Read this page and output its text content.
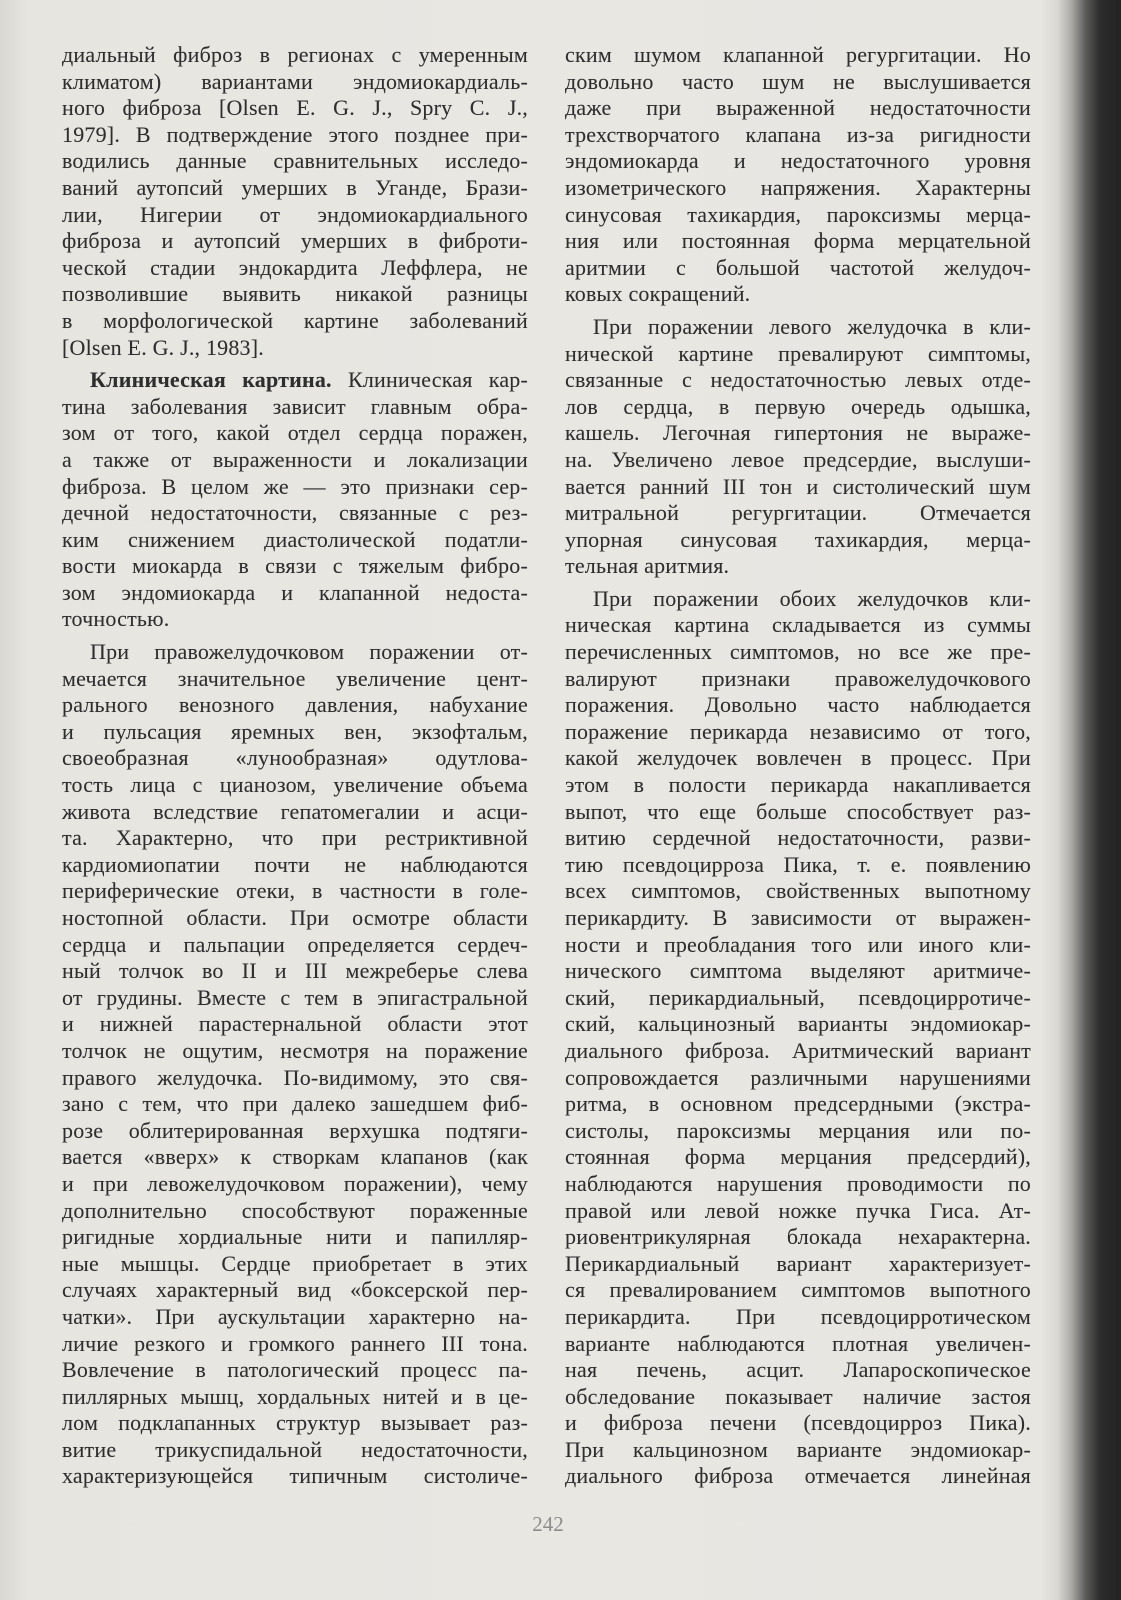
диальный фиброз в регионах с умеренным
климатом) вариантами эндомиокардиаль-
ного фиброза [Olsen E. G. J., Spry C. J.,
1979]. В подтверждение этого позднее при-
водились данные сравнительных исследо-
ваний аутопсий умерших в Уганде, Брази-
лии, Нигерии от эндомиокардиального
фиброза и аутопсий умерших в фиброти-
ческой стадии эндокардита Леффлера, не
позволившие выявить никакой разницы
в морфологической картине заболеваний
[Olsen E. G. J., 1983].
Клиническая картина. Клиническая кар-
тина заболевания зависит главным обра-
зом от того, какой отдел сердца поражен,
а также от выраженности и локализации
фиброза. В целом же — это признаки сер-
дечной недостаточности, связанные с рез-
ким снижением диастолической податли-
вости миокарда в связи с тяжелым фибро-
зом эндомиокарда и клапанной недоста-
точностью.
При правожелудочковом поражении от-
мечается значительное увеличение цент-
рального венозного давления, набухание
и пульсация яремных вен, экзофтальм,
своеобразная «лунообразная» одутлова-
тость лица с цианозом, увеличение объема
живота вследствие гепатомегалии и асци-
та. Характерно, что при рестриктивной
кардиомиопатии почти не наблюдаются
периферические отеки, в частности в голе-
ностопной области. При осмотре области
сердца и пальпации определяется сердеч-
ный толчок во II и III межреберье слева
от грудины. Вместе с тем в эпигастральной
и нижней парастернальной области этот
толчок не ощутим, несмотря на поражение
правого желудочка. По-видимому, это свя-
зано с тем, что при далеко зашедшем фиб-
розе облитерированная верхушка подтяги-
вается «вверх» к створкам клапанов (как
и при левожелудочковом поражении), чему
дополнительно способствуют пораженные
ригидные хордиальные нити и папилляр-
ные мышцы. Сердце приобретает в этих
случаях характерный вид «боксерской пер-
чатки». При аускультации характерно на-
личие резкого и громкого раннего III тона.
Вовлечение в патологический процесс па-
пиллярных мышц, хордальных нитей и в це-
лом подклапанных структур вызывает раз-
витие трикуспидальной недостаточности,
характеризующейся типичным систоличе-
ским шумом клапанной регургитации. Но
довольно часто шум не выслушивается
даже при выраженной недостаточности
трехстворчатого клапана из-за ригидности
эндомиокарда и недостаточного уровня
изометрического напряжения. Характерны
синусовая тахикардия, пароксизмы мерца-
ния или постоянная форма мерцательной
аритмии с большой частотой желудоч-
ковых сокращений.
При поражении левого желудочка в кли-
нической картине превалируют симптомы,
связанные с недостаточностью левых отде-
лов сердца, в первую очередь одышка,
кашель. Легочная гипертония не выраже-
на. Увеличено левое предсердие, выслуши-
вается ранний III тон и систолический шум
митральной регургитации. Отмечается
упорная синусовая тахикардия, мерца-
тельная аритмия.
При поражении обоих желудочков кли-
ническая картина складывается из суммы
перечисленных симптомов, но все же пре-
валируют признаки правожелудочкового
поражения. Довольно часто наблюдается
поражение перикарда независимо от того,
какой желудочек вовлечен в процесс. При
этом в полости перикарда накапливается
выпот, что еще больше способствует раз-
витию сердечной недостаточности, разви-
тию псевдоцирроза Пика, т. е. появлению
всех симптомов, свойственных выпотному
перикардиту. В зависимости от выражен-
ности и преобладания того или иного кли-
нического симптома выделяют аритмиче-
ский, перикардиальный, псевдоцирротиче-
ский, кальцинозный варианты эндомиокар-
диального фиброза. Аритмический вариант
сопровождается различными нарушениями
ритма, в основном предсердными (экстра-
систолы, пароксизмы мерцания или по-
стоянная форма мерцания предсердий),
наблюдаются нарушения проводимости по
правой или левой ножке пучка Гиса. Ат-
риовентрикулярная блокада нехарактерна.
Перикардиальный вариант характеризует-
ся превалированием симптомов выпотного
перикардита. При псевдоцирротическом
варианте наблюдаются плотная увеличен-
ная печень, асцит. Лапароскопическое
обследование показывает наличие застоя
и фиброза печени (псевдоцирроз Пика).
При кальцинозном варианте эндомиокар-
диального фиброза отмечается линейная
242
